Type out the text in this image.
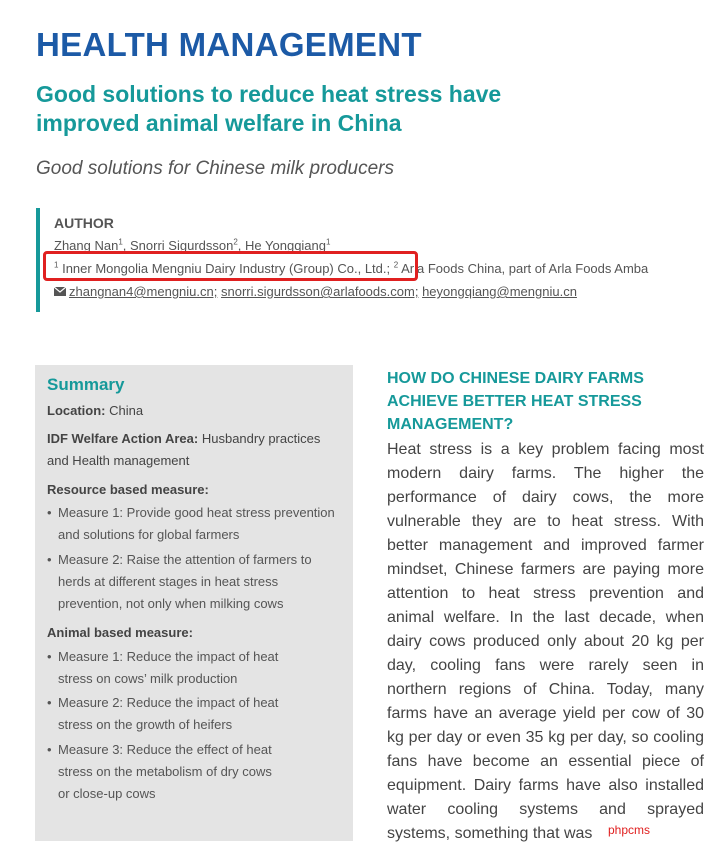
HEALTH MANAGEMENT
Good solutions to reduce heat stress have improved animal welfare in China

Good solutions for Chinese milk producers

AUTHOR
Zhang Nan$^1$, Snorri Sigurdsson$^2$, He Yongqiang$^1$
$^1$ Inner Mongolia Mengniu Dairy Industry (Group) Co., Ltd.; $^2$ Arla Foods China, part of Arla Foods Amba
zhangnan4@mengniu.cn; snorri.sigurdsson@arlafoods.com; heyongqiang@mengniu.cn
Summary
Location: China
IDF Welfare Action Area: Husbandry practices and Health management
Resource based measure:
• Measure 1: Provide good heat stress prevention and solutions for global farmers
• Measure 2: Raise the attention of farmers to herds at different stages in heat stress prevention, not only when milking cows
Animal based measure:
• Measure 1: Reduce the impact of heat stress on cows’ milk production
• Measure 2: Reduce the impact of heat stress on the growth of heifers
• Measure 3: Reduce the effect of heat stress on the metabolism of dry cows or close-up cows
HOW DO CHINESE DAIRY FARMS ACHIEVE BETTER HEAT STRESS MANAGEMENT?

Heat stress is a key problem facing most modern dairy farms. The higher the performance of dairy cows, the more vulnerable they are to heat stress. With better management and improved farmer mindset, Chinese farmers are paying more attention to heat stress prevention and animal welfare. In the last decade, when dairy cows produced only about 20 kg per day, cooling fans were rarely seen in northern regions of China. Today, many farms have an average yield per cow of 30 kg per day or even 35 kg per day, so cooling fans have become an essential piece of equipment. Dairy farms have also installed water cooling systems and sprayed systems, something that was	phpcms
